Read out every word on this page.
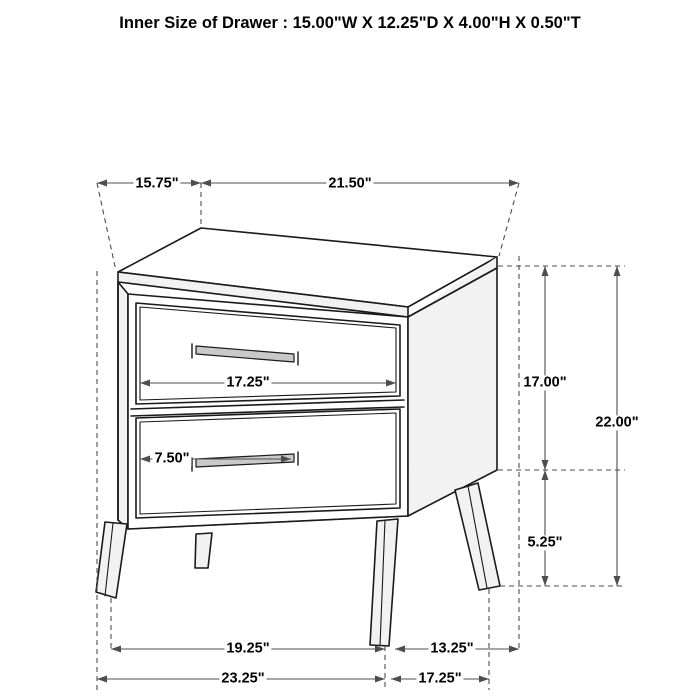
Inner Size of Drawer : 15.00"W X 12.25"D X 4.00"H X 0.50"T
15.75"	21.50"
17.25"
7.50"
17.00"
5.25"
22.00"
19.25"	13.25"
23.25"	17.25"
